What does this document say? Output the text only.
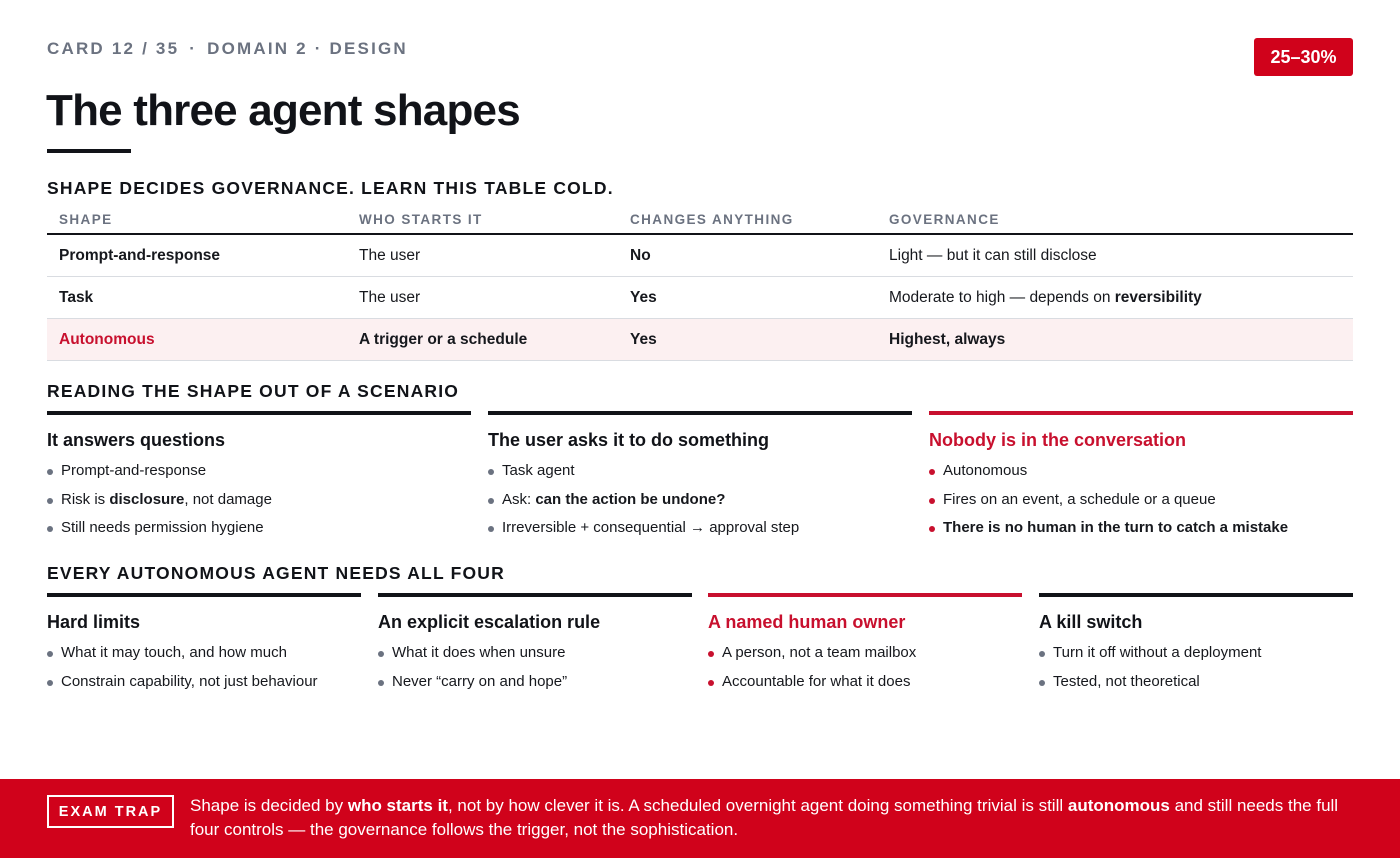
CARD 12 / 35 · DOMAIN 2 · DESIGN	25–30%
The three agent shapes
SHAPE DECIDES GOVERNANCE. LEARN THIS TABLE COLD.
SHAPE	WHO STARTS IT	CHANGES ANYTHING	GOVERNANCE
Prompt-and-response	The user	No	Light — but it can still disclose
Task	The user	Yes	Moderate to high — depends on reversibility
Autonomous	A trigger or a schedule	Yes	Highest, always
READING THE SHAPE OUT OF A SCENARIO
It answers questions
Prompt-and-response
Risk is disclosure, not damage
Still needs permission hygiene
The user asks it to do something
Task agent
Ask: can the action be undone?
Irreversible + consequential → approval step
Nobody is in the conversation
Autonomous
Fires on an event, a schedule or a queue
There is no human in the turn to catch a mistake
EVERY AUTONOMOUS AGENT NEEDS ALL FOUR
Hard limits
What it may touch, and how much
Constrain capability, not just behaviour
An explicit escalation rule
What it does when unsure
Never “carry on and hope”
A named human owner
A person, not a team mailbox
Accountable for what it does
A kill switch
Turn it off without a deployment
Tested, not theoretical
EXAM TRAP	Shape is decided by who starts it, not by how clever it is. A scheduled overnight agent doing something trivial is still autonomous and still needs the full four controls — the governance follows the trigger, not the sophistication.
